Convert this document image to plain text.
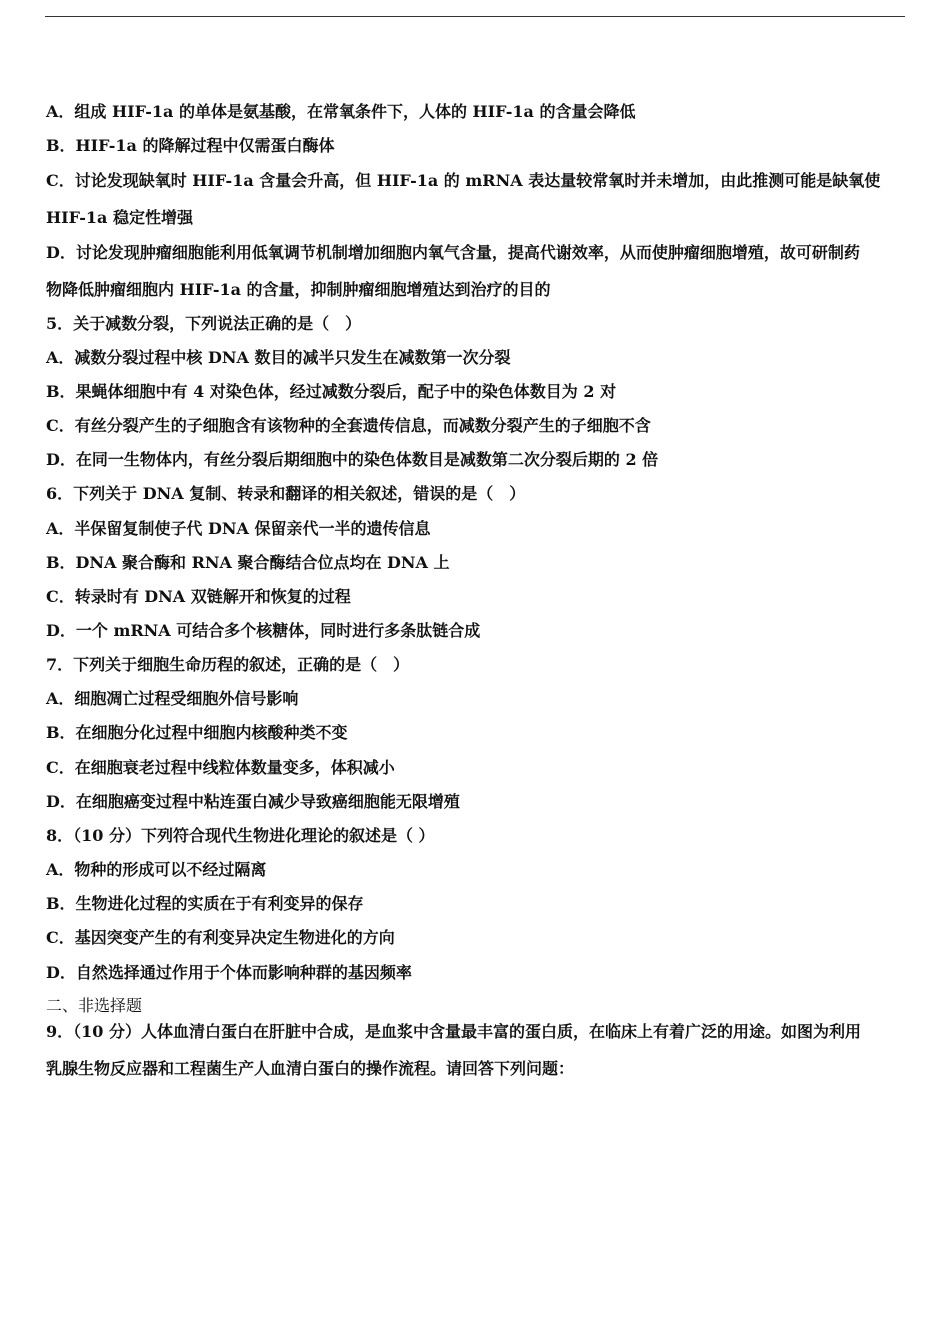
A．组成 HIF-1a 的单体是氨基酸，在常氧条件下，人体的 HIF-1a 的含量会降低
B．HIF-1a 的降解过程中仅需蛋白酶体
C．讨论发现缺氧时 HIF-1a 含量会升高，但 HIF-1a 的 mRNA 表达量较常氧时并未增加，由此推测可能是缺氧使
HIF-1a 稳定性增强
D．讨论发现肿瘤细胞能利用低氧调节机制增加细胞内氧气含量，提高代谢效率，从而使肿瘤细胞增殖，故可研制药
物降低肿瘤细胞内 HIF-1a 的含量，抑制肿瘤细胞增殖达到治疗的目的
5．关于减数分裂，下列说法正确的是（　）
A．减数分裂过程中核 DNA 数目的减半只发生在减数第一次分裂
B．果蝇体细胞中有 4 对染色体，经过减数分裂后，配子中的染色体数目为 2 对
C．有丝分裂产生的子细胞含有该物种的全套遗传信息，而减数分裂产生的子细胞不含
D．在同一生物体内，有丝分裂后期细胞中的染色体数目是减数第二次分裂后期的 2 倍
6．下列关于 DNA 复制、转录和翻译的相关叙述，错误的是（　）
A．半保留复制使子代 DNA 保留亲代一半的遗传信息
B．DNA 聚合酶和 RNA 聚合酶结合位点均在 DNA 上
C．转录时有 DNA 双链解开和恢复的过程
D．一个 mRNA 可结合多个核糖体，同时进行多条肽链合成
7．下列关于细胞生命历程的叙述，正确的是（　）
A．细胞凋亡过程受细胞外信号影响
B．在细胞分化过程中细胞内核酸种类不变
C．在细胞衰老过程中线粒体数量变多，体积减小
D．在细胞癌变过程中粘连蛋白减少导致癌细胞能无限增殖
8．（10 分）下列符合现代生物进化理论的叙述是（ ）
A．物种的形成可以不经过隔离
B．生物进化过程的实质在于有利变异的保存
C．基因突变产生的有利变异决定生物进化的方向
D．自然选择通过作用于个体而影响种群的基因频率
二、非选择题
9．（10 分）人体血清白蛋白在肝脏中合成，是血浆中含量最丰富的蛋白质，在临床上有着广泛的用途。如图为利用
乳腺生物反应器和工程菌生产人血清白蛋白的操作流程。请回答下列问题：
